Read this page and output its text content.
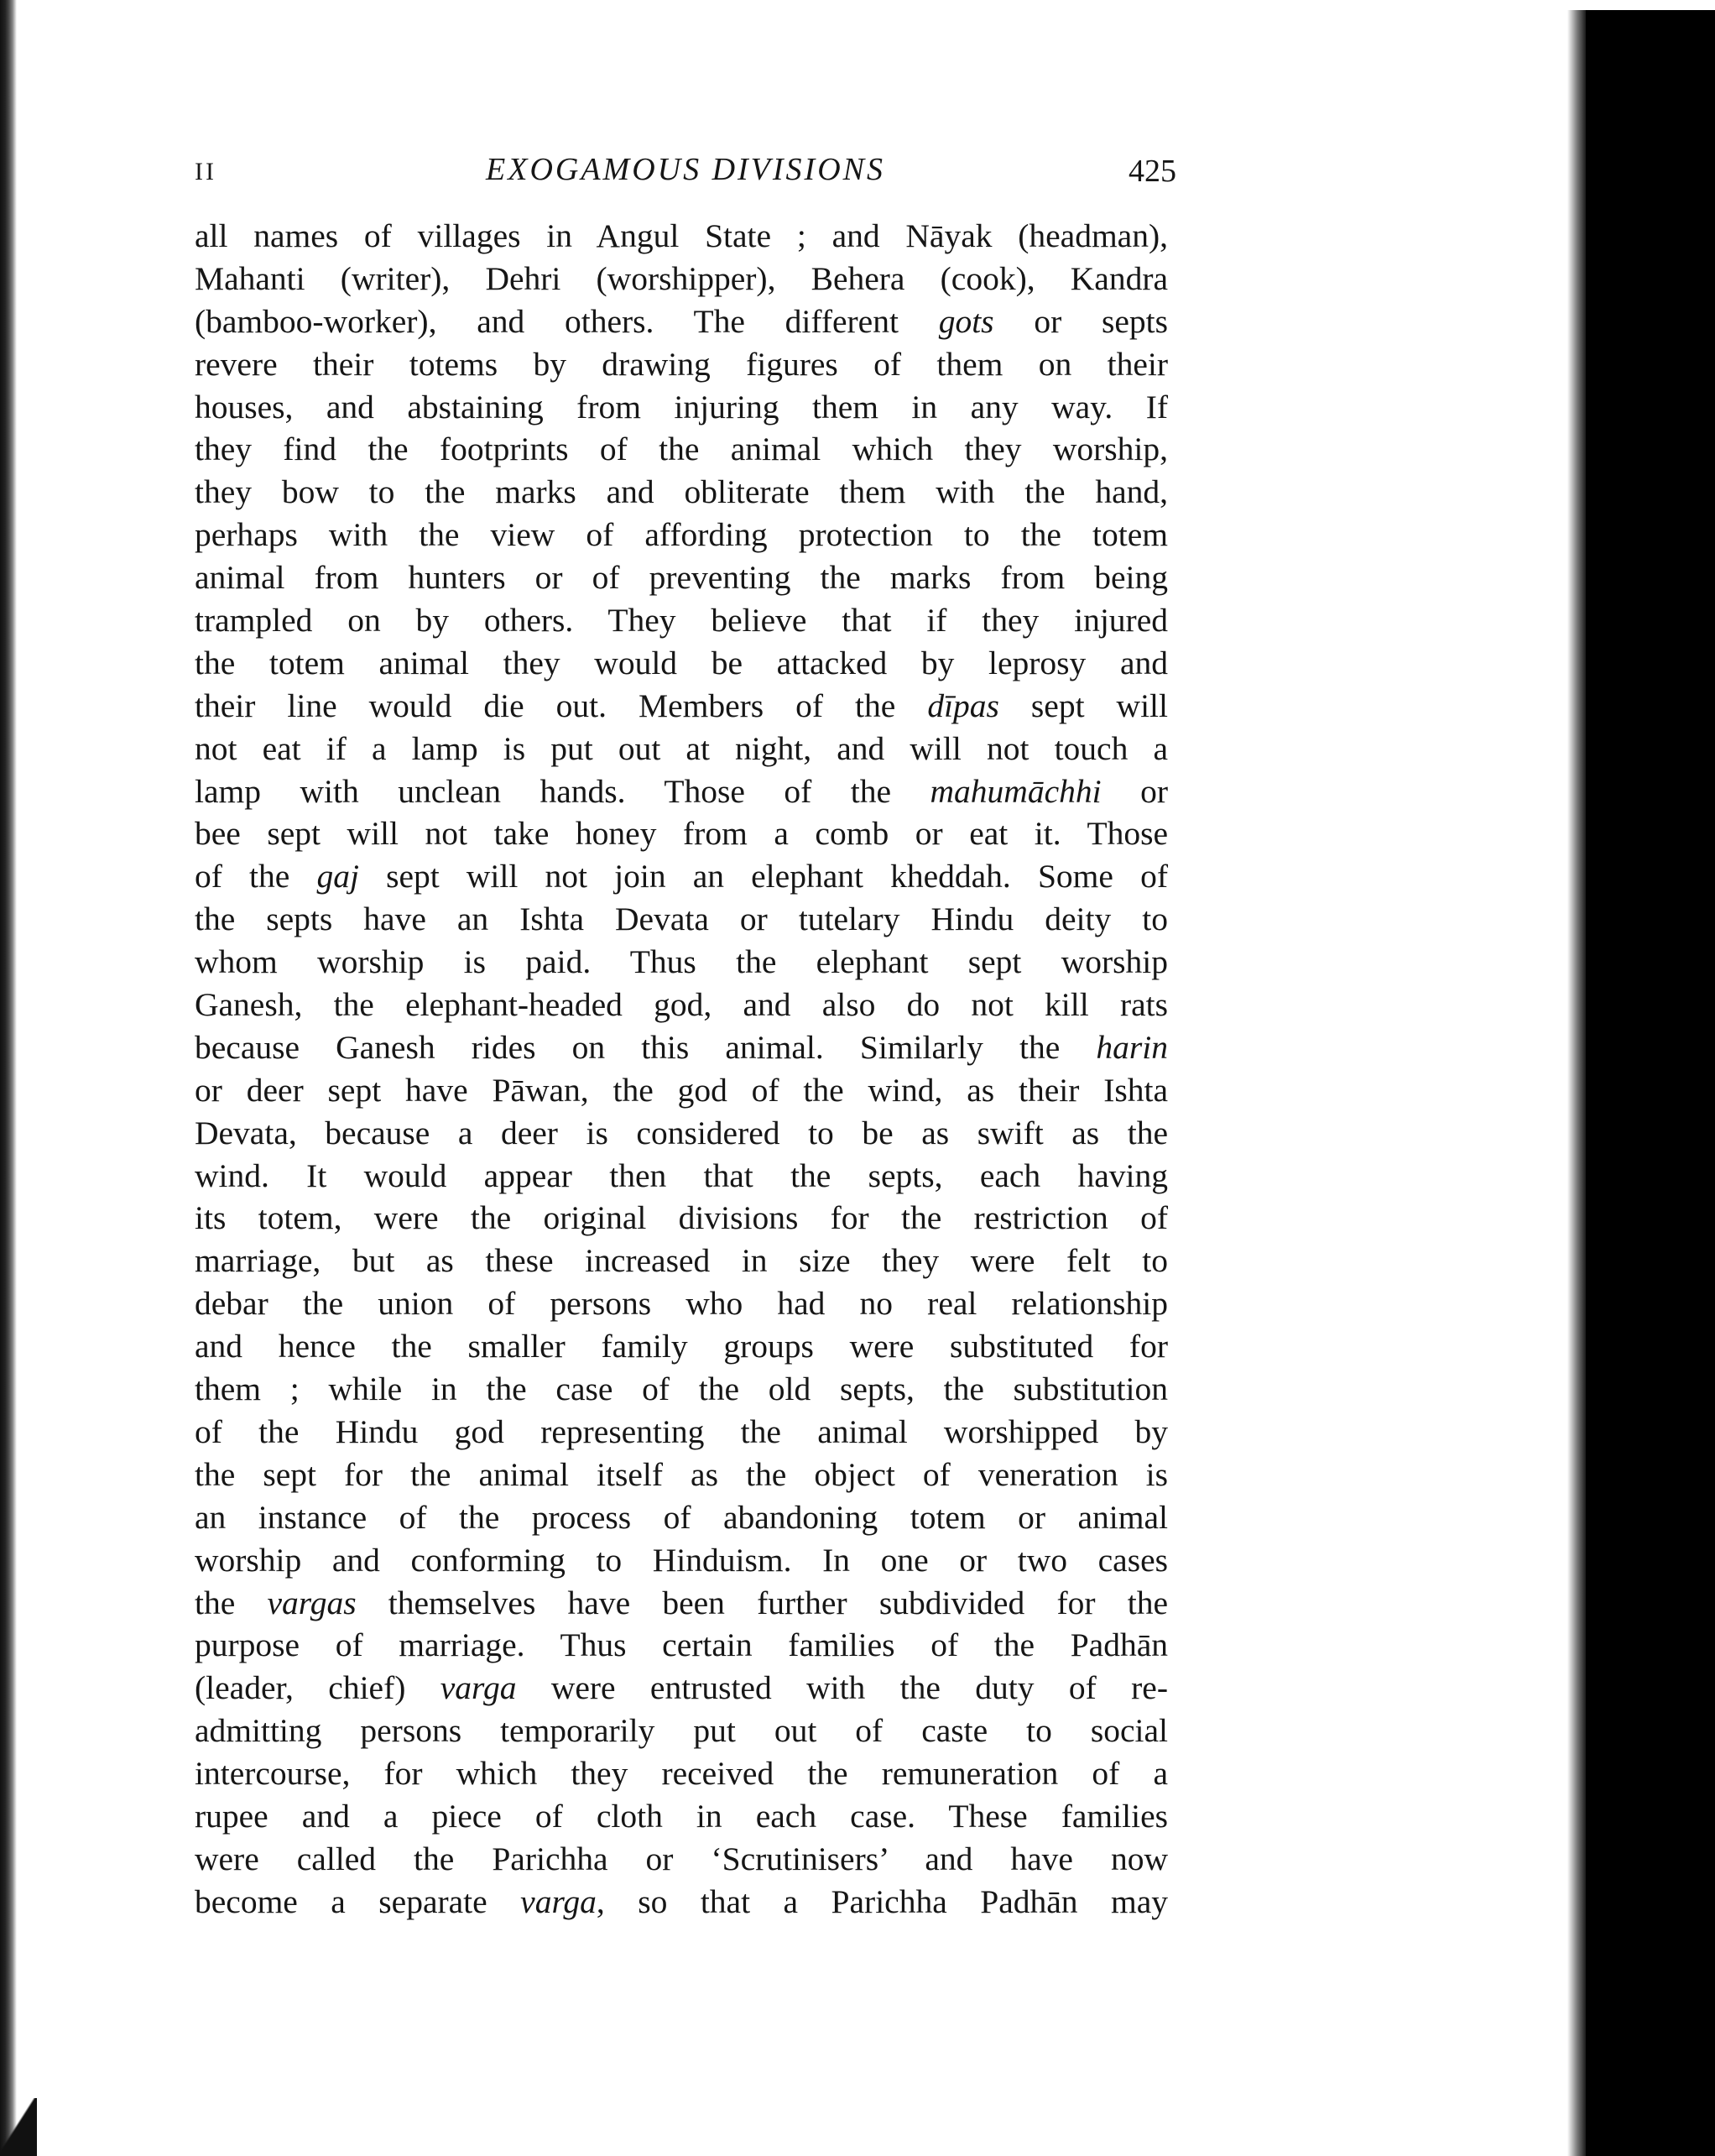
II	EXOGAMOUS DIVISIONS	425
all names of villages in Angul State ; and Nāyak (headman),
Mahanti (writer), Dehri (worshipper), Behera (cook), Kandra
(bamboo-worker), and others. The different gots or septs
revere their totems by drawing figures of them on their
houses, and abstaining from injuring them in any way. If
they find the footprints of the animal which they worship,
they bow to the marks and obliterate them with the hand,
perhaps with the view of affording protection to the totem
animal from hunters or of preventing the marks from being
trampled on by others. They believe that if they injured
the totem animal they would be attacked by leprosy and
their line would die out. Members of the dīpas sept will
not eat if a lamp is put out at night, and will not touch a
lamp with unclean hands. Those of the mahumāchhi or
bee sept will not take honey from a comb or eat it. Those
of the gaj sept will not join an elephant kheddah. Some of
the septs have an Ishta Devata or tutelary Hindu deity to
whom worship is paid. Thus the elephant sept worship
Ganesh, the elephant-headed god, and also do not kill rats
because Ganesh rides on this animal. Similarly the harin
or deer sept have Pāwan, the god of the wind, as their Ishta
Devata, because a deer is considered to be as swift as the
wind. It would appear then that the septs, each having
its totem, were the original divisions for the restriction of
marriage, but as these increased in size they were felt to
debar the union of persons who had no real relationship
and hence the smaller family groups were substituted for
them ; while in the case of the old septs, the substitution
of the Hindu god representing the animal worshipped by
the sept for the animal itself as the object of veneration is
an instance of the process of abandoning totem or animal
worship and conforming to Hinduism. In one or two cases
the vargas themselves have been further subdivided for the
purpose of marriage. Thus certain families of the Padhān
(leader, chief) varga were entrusted with the duty of re-
admitting persons temporarily put out of caste to social
intercourse, for which they received the remuneration of a
rupee and a piece of cloth in each case. These families
were called the Parichha or ‘Scrutinisers’ and have now
become a separate varga, so that a Parichha Padhān may
